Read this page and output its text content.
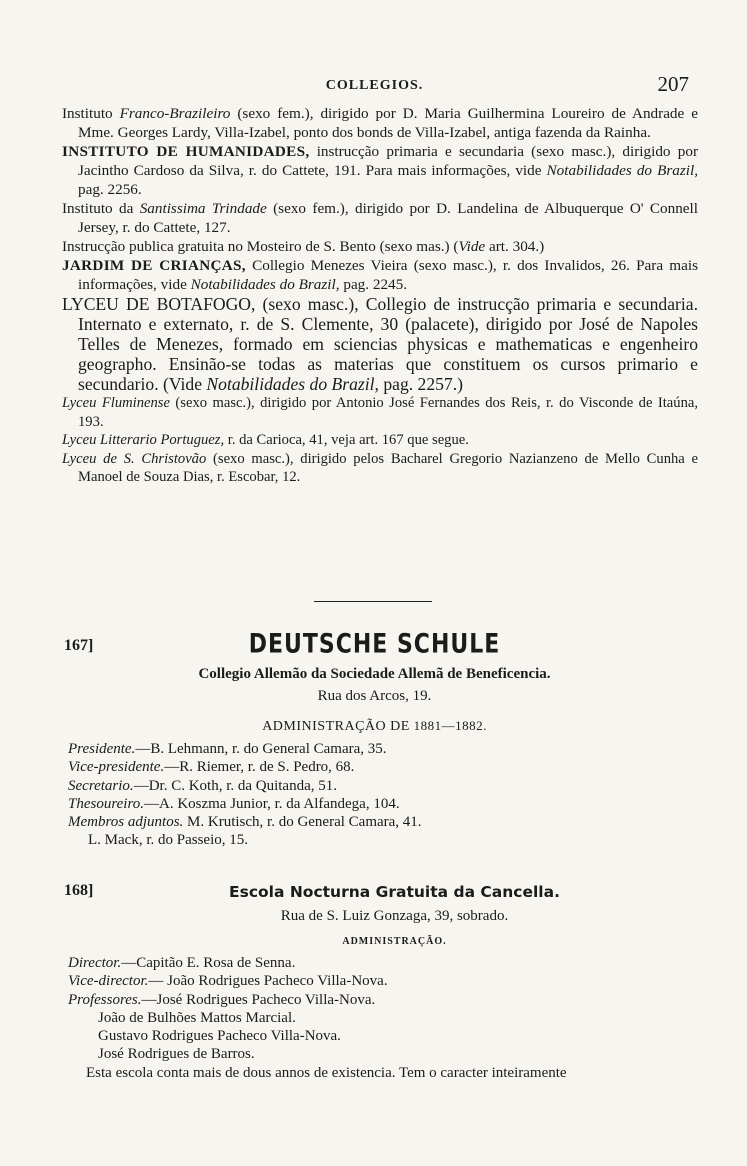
COLLEGIOS.	207

Instituto Franco-Brazileiro (sexo fem.), dirigido por D. Maria Guilhermina Loureiro de Andrade e Mme. Georges Lardy, Villa-Izabel, ponto dos bonds de Villa-Izabel, antiga fazenda da Rainha.

INSTITUTO DE HUMANIDADES, instrucção primaria e secundaria (sexo masc.), dirigido por Jacintho Cardoso da Silva, r. do Cattete, 191. Para mais informações, vide Notabilidades do Brazil, pag. 2256.

Instituto da Santissima Trindade (sexo fem.), dirigido por D. Landelina de Albuquerque O' Connell Jersey, r. do Cattete, 127.

Instrucção publica gratuita no Mosteiro de S. Bento (sexo mas.) (Vide art. 304.)

JARDIM DE CRIANÇAS, Collegio Menezes Vieira (sexo masc.), r. dos Invalidos, 26. Para mais informações, vide Notabilidades do Brazil, pag. 2245.

LYCEU DE BOTAFOGO, (sexo masc.), Collegio de instrucção primaria e secundaria. Internato e externato, r. de S. Clemente, 30 (palacete), dirigido por José de Napoles Telles de Menezes, formado em sciencias physicas e mathematicas e engenheiro geographo. Ensinão-se todas as materias que constituem os cursos primario e secundario. (Vide Notabilidades do Brazil, pag. 2257.)

Lyceu Fluminense (sexo masc.), dirigido por Antonio José Fernandes dos Reis, r. do Visconde de Itaúna, 193.

Lyceu Litterario Portuguez, r. da Carioca, 41, veja art. 167 que segue.

Lyceu de S. Christovão (sexo masc.), dirigido pelos Bacharel Gregorio Nazianzeno de Mello Cunha e Manoel de Souza Dias, r. Escobar, 12.

167]	DEUTSCHE SCHULE
Collegio Allemão da Sociedade Allemã de Beneficencia.
Rua dos Arcos, 19.
ADMINISTRAÇÃO DE 1881—1882.
Presidente.—B. Lehmann, r. do General Camara, 35.
Vice-presidente.—R. Riemer, r. de S. Pedro, 68.
Secretario.—Dr. C. Koth, r. da Quitanda, 51.
Thesoureiro.—A. Koszma Junior, r. da Alfandega, 104.
Membros adjuntos. M. Krutisch, r. do General Camara, 41.
L. Mack, r. do Passeio, 15.
168]	Escola Nocturna Gratuita da Cancella.
Rua de S. Luiz Gonzaga, 39, sobrado.
ADMINISTRAÇÃO.
Director.—Capitão E. Rosa de Senna.
Vice-director.— João Rodrigues Pacheco Villa-Nova.
Professores.—José Rodrigues Pacheco Villa-Nova.
João de Bulhões Mattos Marcial.
Gustavo Rodrigues Pacheco Villa-Nova.
José Rodrigues de Barros.
Esta escola conta mais de dous annos de existencia. Tem o caracter inteiramente
